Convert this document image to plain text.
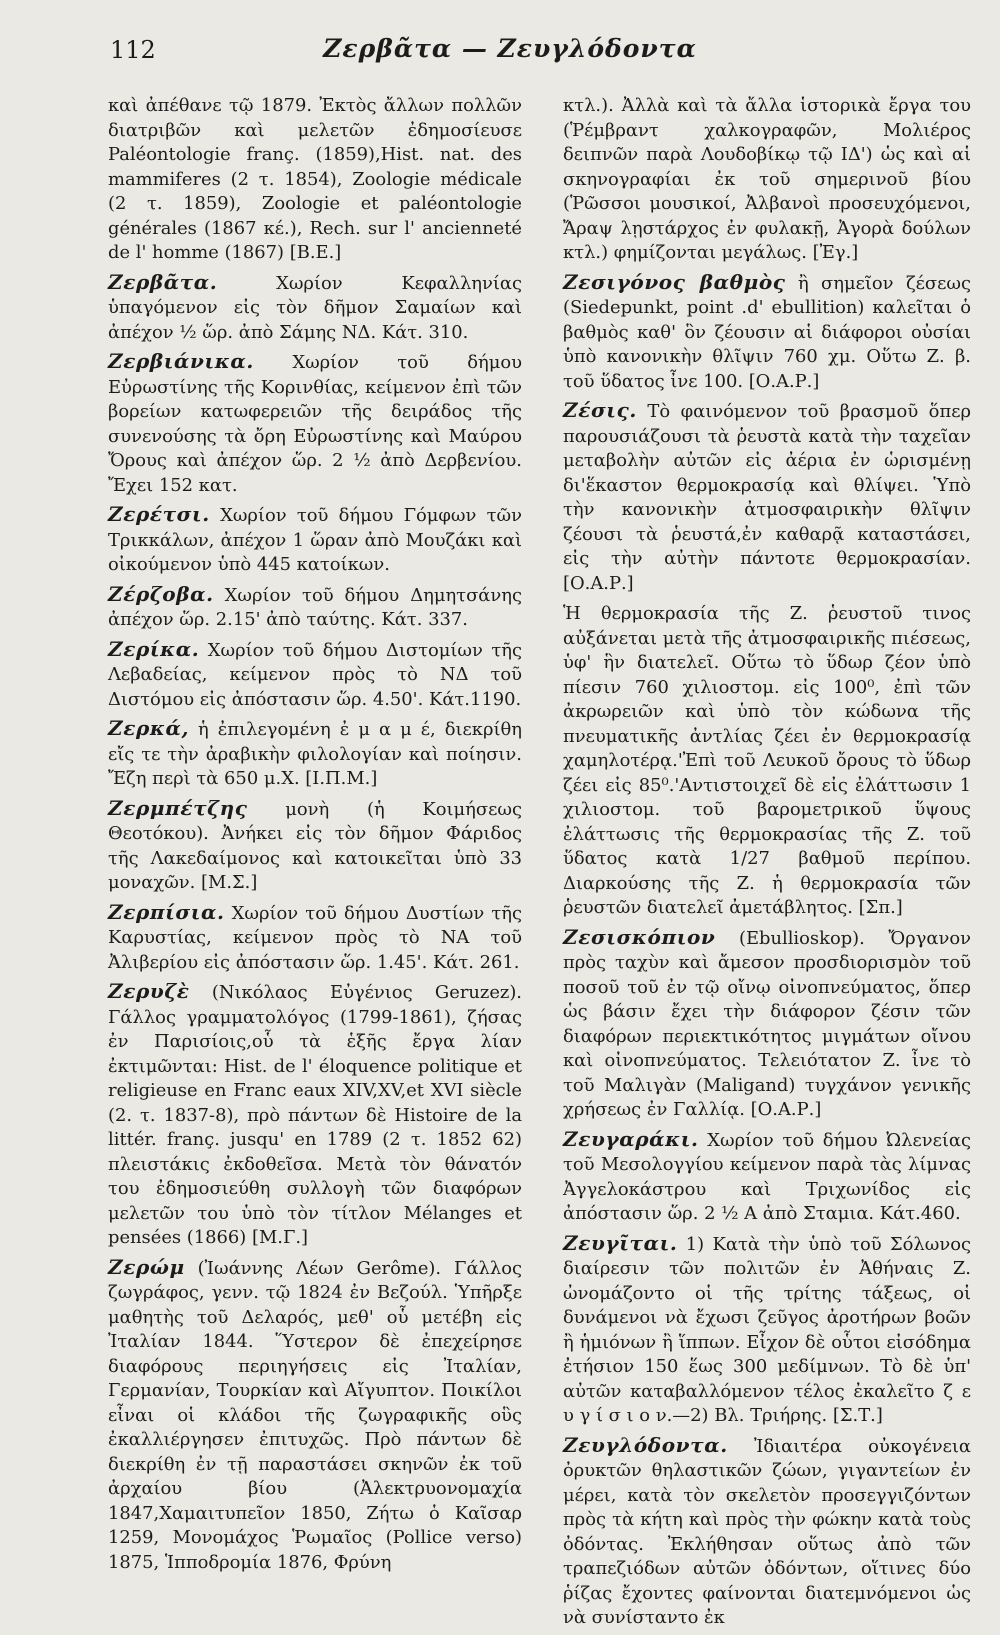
112	Ζερβᾶτα — Ζευγλόδοντα

καὶ ἀπέθανε τῷ 1879. Ἐκτὸς ἄλλων πολλῶν διατριβῶν καὶ μελετῶν ἐδημοσίευσε Paléontologie franç. (1859),Hist. nat. des mammiferes (2 τ. 1854), Zoologie médicale (2 τ. 1859), Zoologie et paléontologie générales (1867 κέ.), Rech. sur l' ancienneté de l' homme (1867) [Β.Ε.]

Ζερβᾶτα. Χωρίον Κεφαλληνίας ὑπαγόμενον εἰς τὸν δῆμον Σαμαίων καὶ ἀπέχον ½ ὥρ. ἀπὸ Σάμης ΝΔ. Κάτ. 310.

Ζερβιάνικα. Χωρίον τοῦ δήμου Εὐρωστίνης τῆς Κορινθίας, κείμενον ἐπὶ τῶν βορείων κατωφερειῶν τῆς δειράδος τῆς συνενούσης τὰ ὄρη Εὐρωστίνης καὶ Μαύρου Ὄρους καὶ ἀπέχον ὥρ. 2 ½ ἀπὸ Δερβενίου. Ἔχει 152 κατ.

Ζερέτσι. Χωρίον τοῦ δήμου Γόμφων τῶν Τρικκάλων, ἀπέχον 1 ὥραν ἀπὸ Μουζάκι καὶ οἰκούμενον ὑπὸ 445 κατοίκων.

Ζέρζοβα. Χωρίον τοῦ δήμου Δημητσάνης ἀπέχον ὥρ. 2.15' ἀπὸ ταύτης. Κάτ. 337.

Ζερίκα. Χωρίον τοῦ δήμου Διστομίων τῆς Λεβαδείας, κείμενον πρὸς τὸ ΝΔ τοῦ Διστόμου εἰς ἀπόστασιν ὥρ. 4.50'. Κάτ.1190.

Ζερκά, ἡ ἐπιλεγομένη ἐ μ α μ έ, διεκρίθη εἴς τε τὴν ἀραβικὴν φιλολογίαν καὶ ποίησιν. Ἔζη περὶ τὰ 650 μ.Χ. [Ι.Π.Μ.]

Ζερμπέτζης μονὴ (ἡ Κοιμήσεως Θεοτόκου). Ἀνήκει εἰς τὸν δῆμον Φάριδος τῆς Λακεδαίμονος καὶ κατοικεῖται ὑπὸ 33 μοναχῶν. [Μ.Σ.]

Ζερπίσια. Χωρίον τοῦ δήμου Δυστίων τῆς Καρυστίας, κείμενον πρὸς τὸ ΝΑ τοῦ Ἀλιβερίου εἰς ἀπόστασιν ὥρ. 1.45'. Κάτ. 261.

Ζερυζὲ (Νικόλαος Εὐγένιος Geruzez). Γάλλος γραμματολόγος (1799-1861), ζήσας ἐν Παρισίοις,οὗ τὰ ἑξῆς ἔργα λίαν ἐκτιμῶνται: Hist. de l' éloquence politique et religieuse en Franc eaux XIV,XV,et XVI siècle (2. τ. 1837-8), πρὸ πάντων δὲ Histoire de la littér. franç. jusqu' en 1789 (2 τ. 1852 62) πλειστάκις ἐκδοθεῖσα. Μετὰ τὸν θάνατόν του ἐδημοσιεύθη συλλογὴ τῶν διαφόρων μελετῶν του ὑπὸ τὸν τίτλον Mélanges et pensées (1866) [Μ.Γ.]

Ζερώμ (Ἰωάννης Λέων Gerôme). Γάλλος ζωγράφος, γενν. τῷ 1824 ἐν Βεζούλ. Ὑπῆρξε μαθητὴς τοῦ Δελαρός, μεθ' οὗ μετέβη εἰς Ἰταλίαν 1844. Ὕστερον δὲ ἐπεχείρησε διαφόρους περιηγήσεις εἰς Ἰταλίαν, Γερμανίαν, Τουρκίαν καὶ Αἴγυπτον. Ποικίλοι εἶναι οἱ κλάδοι τῆς ζωγραφικῆς οὓς ἐκαλλιέργησεν ἐπιτυχῶς. Πρὸ πάντων δὲ διεκρίθη ἐν τῇ παραστάσει σκηνῶν ἐκ τοῦ ἀρχαίου βίου (Ἀλεκτρυονομαχία 1847,Χαμαιτυπεῖον 1850, Ζήτω ὁ Καῖσαρ 1259, Μονομάχος Ῥωμαῖος (Pollice verso) 1875, Ἱπποδρομία 1876, Φρύνη

κτλ.). Ἀλλὰ καὶ τὰ ἄλλα ἱστορικὰ ἔργα του (Ῥέμβραντ χαλκογραφῶν, Μολιέρος δειπνῶν παρὰ Λουδοβίκῳ τῷ ΙΔ') ὡς καὶ αἱ σκηνογραφίαι ἐκ τοῦ σημερινοῦ βίου (Ῥῶσσοι μουσικοί, Ἀλβανοὶ προσευχόμενοι, Ἄραψ λῃστάρχος ἐν φυλακῇ, Ἀγορὰ δούλων κτλ.) φημίζονται μεγάλως. [Ἐγ.]

Ζεσιγόνος βαθμὸς ἢ σημεῖον ζέσεως (Siedepunkt, point .d' ebullition) καλεῖται ὁ βαθμὸς καθ' ὃν ζέουσιν αἱ διάφοροι οὐσίαι ὑπὸ κανονικὴν θλῖψιν 760 χμ. Οὕτω Ζ. β. τοῦ ὕδατος ἶνε 100. [Ο.Α.Ρ.]

Ζέσις. Τὸ φαινόμενον τοῦ βρασμοῦ ὅπερ παρουσιάζουσι τὰ ῥευστὰ κατὰ τὴν ταχεῖαν μεταβολὴν αὐτῶν εἰς ἀέρια ἐν ὡρισμένῃ δι'ἕκαστον θερμοκρασίᾳ καὶ θλίψει. Ὑπὸ τὴν κανονικὴν ἀτμοσφαιρικὴν θλῖψιν ζέουσι τὰ ῥευστά,ἐν καθαρᾷ καταστάσει, εἰς τὴν αὐτὴν πάντοτε θερμοκρασίαν. [Ο.Α.Ρ.]

Ἡ θερμοκρασία τῆς Ζ. ῥευστοῦ τινος αὐξάνεται μετὰ τῆς ἀτμοσφαιρικῆς πιέσεως, ὑφ' ἣν διατελεῖ. Οὕτω τὸ ὕδωρ ζέον ὑπὸ πίεσιν 760 χιλιοστομ. εἰς 100⁰, ἐπὶ τῶν ἀκρωρειῶν καὶ ὑπὸ τὸν κώδωνα τῆς πνευματικῆς ἀντλίας ζέει ἐν θερμοκρασίᾳ χαμηλοτέρᾳ.'Ἐπὶ τοῦ Λευκοῦ ὄρους τὸ ὕδωρ ζέει εἰς 85⁰.'Αντιστοιχεῖ δὲ εἰς ἐλάττωσιν 1 χιλιοστομ. τοῦ βαρομετρικοῦ ὕψους ἐλάττωσις τῆς θερμοκρασίας τῆς Ζ. τοῦ ὕδατος κατὰ 1/27 βαθμοῦ περίπου. Διαρκούσης τῆς Ζ. ἡ θερμοκρασία τῶν ῥευστῶν διατελεῖ ἀμετάβλητος. [Σπ.]

Ζεσισκόπιον (Ebullioskop). Ὄργανον πρὸς ταχὺν καὶ ἄμεσον προσδιορισμὸν τοῦ ποσοῦ τοῦ ἐν τῷ οἴνῳ οἰνοπνεύματος, ὅπερ ὡς βάσιν ἔχει τὴν διάφορον ζέσιν τῶν διαφόρων περιεκτικότητος μιγμάτων οἴνου καὶ οἰνοπνεύματος. Τελειότατον Ζ. ἶνε τὸ τοῦ Μαλιγὰν (Maligand) τυγχάνον γενικῆς χρήσεως ἐν Γαλλίᾳ. [Ο.Α.Ρ.]

Ζευγαράκι. Χωρίον τοῦ δήμου Ὠλενείας τοῦ Μεσολογγίου κείμενον παρὰ τὰς λίμνας Ἀγγελοκάστρου καὶ Τριχωνίδος εἰς ἀπόστασιν ὥρ. 2 ½ Α ἀπὸ Σταμια. Κάτ.460.

Ζευγῖται. 1) Κατὰ τὴν ὑπὸ τοῦ Σόλωνος διαίρεσιν τῶν πολιτῶν ἐν Ἀθήναις Ζ. ὠνομάζοντο οἱ τῆς τρίτης τάξεως, οἱ δυνάμενοι νὰ ἔχωσι ζεῦγος ἀροτήρων βοῶν ἢ ἡμιόνων ἢ ἵππων. Εἶχον δὲ οὗτοι εἰσόδημα ἐτήσιον 150 ἕως 300 μεδίμνων. Τὸ δὲ ὑπ' αὐτῶν καταβαλλόμενον τέλος ἐκαλεῖτο ζ ε υ γ ί σ ι ο ν.—2) Βλ. Τριήρης. [Σ.Τ.]

Ζευγλόδοντα. Ἰδιαιτέρα οὐκογένεια ὀρυκτῶν θηλαστικῶν ζώων, γιγαντείων ἐν μέρει, κατὰ τὸν σκελετὸν προσεγγιζόντων πρὸς τὰ κήτη καὶ πρὸς τὴν φώκην κατὰ τοὺς ὀδόντας. Ἐκλήθησαν οὕτως ἀπὸ τῶν τραπεζιόδων αὐτῶν ὀδόντων, οἵτινες δύο ῥίζας ἔχοντες φαίνονται διατεμνόμενοι ὡς νὰ συνίσταντο ἐκ
